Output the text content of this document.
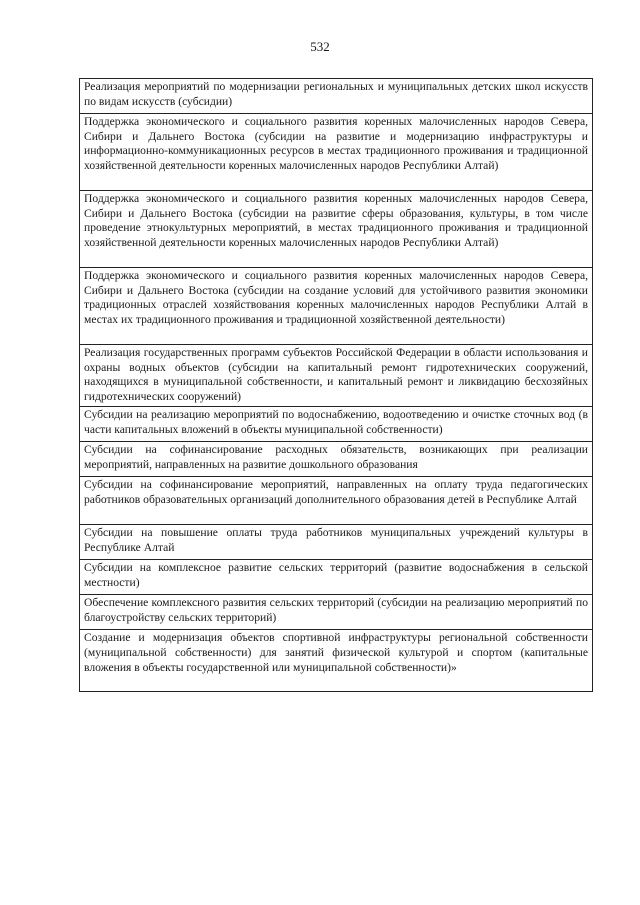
532
Реализация мероприятий по модернизации региональных и муниципальных детских школ искусств по видам искусств (субсидии)
Поддержка экономического и социального развития коренных малочисленных народов Севера, Сибири и Дальнего Востока (субсидии на развитие и модернизацию инфраструктуры и информационно-коммуникационных ресурсов в местах традиционного проживания и традиционной хозяйственной деятельности коренных малочисленных народов Республики Алтай)
Поддержка экономического и социального развития коренных малочисленных народов Севера, Сибири и Дальнего Востока (субсидии на развитие сферы образования, культуры, в том числе проведение этнокультурных мероприятий, в местах традиционного проживания и традиционной хозяйственной деятельности коренных малочисленных народов Республики Алтай)
Поддержка экономического и социального развития коренных малочисленных народов Севера, Сибири и Дальнего Востока (субсидии на создание условий для устойчивого развития экономики традиционных отраслей хозяйствования коренных малочисленных народов Республики Алтай в местах их традиционного проживания и традиционной хозяйственной деятельности)
Реализация государственных программ субъектов Российской Федерации в области использования и охраны водных объектов (субсидии на капитальный ремонт гидротехнических сооружений, находящихся в муниципальной собственности, и капитальный ремонт и ликвидацию бесхозяйных гидротехнических сооружений)
Субсидии на реализацию мероприятий по водоснабжению, водоотведению и очистке сточных вод (в части капитальных вложений в объекты муниципальной собственности)
Субсидии на софинансирование расходных обязательств, возникающих при реализации мероприятий, направленных на развитие дошкольного образования
Субсидии на софинансирование мероприятий, направленных на оплату труда педагогических работников образовательных организаций дополнительного образования детей в Республике Алтай
Субсидии на повышение оплаты труда работников муниципальных учреждений культуры в Республике Алтай
Субсидии на комплексное развитие сельских территорий (развитие водоснабжения в сельской местности)
Обеспечение комплексного развития сельских территорий (субсидии на реализацию мероприятий по благоустройству сельских территорий)
Создание и модернизация объектов спортивной инфраструктуры региональной собственности (муниципальной собственности) для занятий физической культурой и спортом (капитальные вложения в объекты государственной или муниципальной собственности)»
